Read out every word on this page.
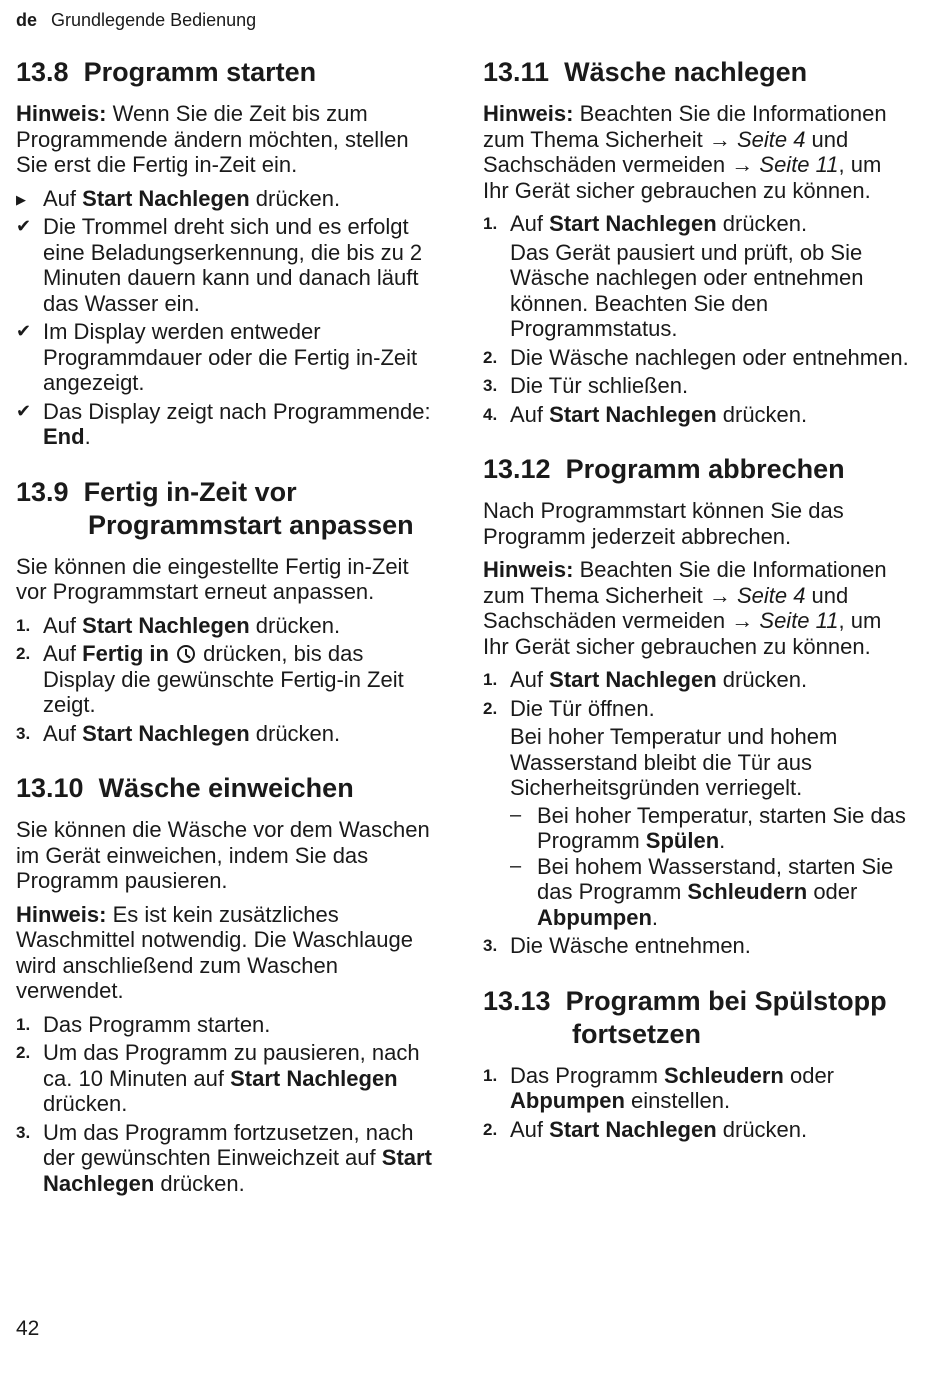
de Grundlegende Bedienung
13.8 Programm starten

Hinweis: Wenn Sie die Zeit bis zum Programmende ändern möchten, stellen Sie erst die Fertig in-Zeit ein.

▶ Auf Start Nachlegen drücken.
✔ Die Trommel dreht sich und es erfolgt eine Beladungserkennung, die bis zu 2 Minuten dauern kann und danach läuft das Wasser ein.
✔ Im Display werden entweder Programmdauer oder die Fertig in-Zeit angezeigt.
✔ Das Display zeigt nach Programmende: End.
13.9 Fertig in-Zeit vor Programmstart anpassen

Sie können die eingestellte Fertig in-Zeit vor Programmstart erneut anpassen.

1. Auf Start Nachlegen drücken.
2. Auf Fertig in  drücken, bis das Display die gewünschte Fertig-in Zeit zeigt.
3. Auf Start Nachlegen drücken.
13.10 Wäsche einweichen

Sie können die Wäsche vor dem Waschen im Gerät einweichen, indem Sie das Programm pausieren.

Hinweis: Es ist kein zusätzliches Waschmittel notwendig. Die Waschlauge wird anschließend zum Waschen verwendet.

1. Das Programm starten.
2. Um das Programm zu pausieren, nach ca. 10 Minuten auf Start Nachlegen drücken.
3. Um das Programm fortzusetzen, nach der gewünschten Einweichzeit auf Start Nachlegen drücken.
13.11 Wäsche nachlegen

Hinweis: Beachten Sie die Informationen zum Thema Sicherheit → Seite 4 und Sachschäden vermeiden → Seite 11, um Ihr Gerät sicher gebrauchen zu können.

1. Auf Start Nachlegen drücken.
Das Gerät pausiert und prüft, ob Sie Wäsche nachlegen oder entnehmen können. Beachten Sie den Programmstatus.
2. Die Wäsche nachlegen oder entnehmen.
3. Die Tür schließen.
4. Auf Start Nachlegen drücken.
13.12 Programm abbrechen

Nach Programmstart können Sie das Programm jederzeit abbrechen.

Hinweis: Beachten Sie die Informationen zum Thema Sicherheit → Seite 4 und Sachschäden vermeiden → Seite 11, um Ihr Gerät sicher gebrauchen zu können.

1. Auf Start Nachlegen drücken.
2. Die Tür öffnen.
Bei hoher Temperatur und hohem Wasserstand bleibt die Tür aus Sicherheitsgründen verriegelt.
– Bei hoher Temperatur, starten Sie das Programm Spülen.
– Bei hohem Wasserstand, starten Sie das Programm Schleudern oder Abpumpen.
3. Die Wäsche entnehmen.
13.13 Programm bei Spülstopp fortsetzen
1. Das Programm Schleudern oder Abpumpen einstellen.
2. Auf Start Nachlegen drücken.
42
